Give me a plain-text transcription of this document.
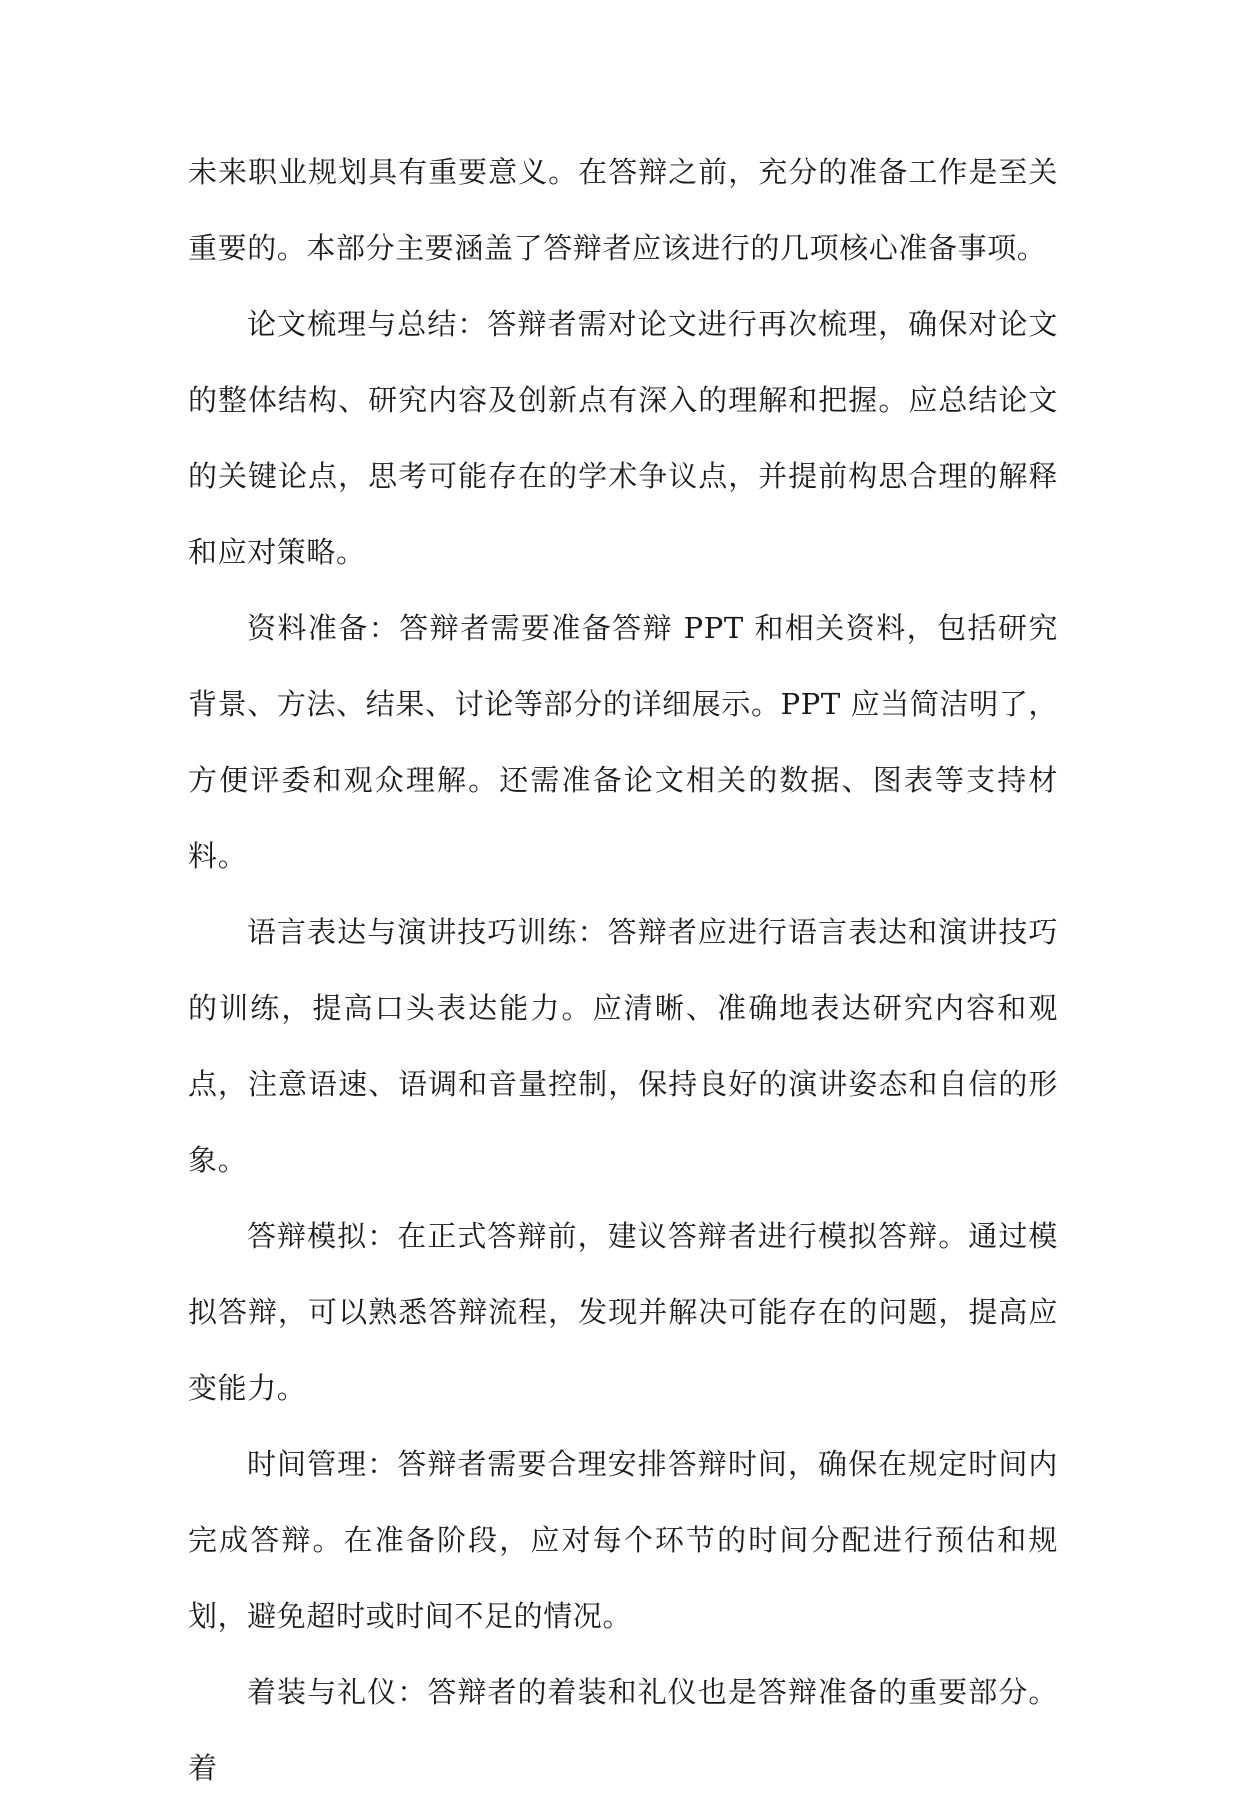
未来职业规划具有重要意义。在答辩之前，充分的准备工作是至关重要的。本部分主要涵盖了答辩者应该进行的几项核心准备事项。

论文梳理与总结：答辩者需对论文进行再次梳理，确保对论文的整体结构、研究内容及创新点有深入的理解和把握。应总结论文的关键论点，思考可能存在的学术争议点，并提前构思合理的解释和应对策略。

资料准备：答辩者需要准备答辩 PPT 和相关资料，包括研究背景、方法、结果、讨论等部分的详细展示。PPT 应当简洁明了，方便评委和观众理解。还需准备论文相关的数据、图表等支持材料。

语言表达与演讲技巧训练：答辩者应进行语言表达和演讲技巧的训练，提高口头表达能力。应清晰、准确地表达研究内容和观点，注意语速、语调和音量控制，保持良好的演讲姿态和自信的形象。

答辩模拟：在正式答辩前，建议答辩者进行模拟答辩。通过模拟答辩，可以熟悉答辩流程，发现并解决可能存在的问题，提高应变能力。

时间管理：答辩者需要合理安排答辩时间，确保在规定时间内完成答辩。在准备阶段，应对每个环节的时间分配进行预估和规划，避免超时或时间不足的情况。

着装与礼仪：答辩者的着装和礼仪也是答辩准备的重要部分。着
